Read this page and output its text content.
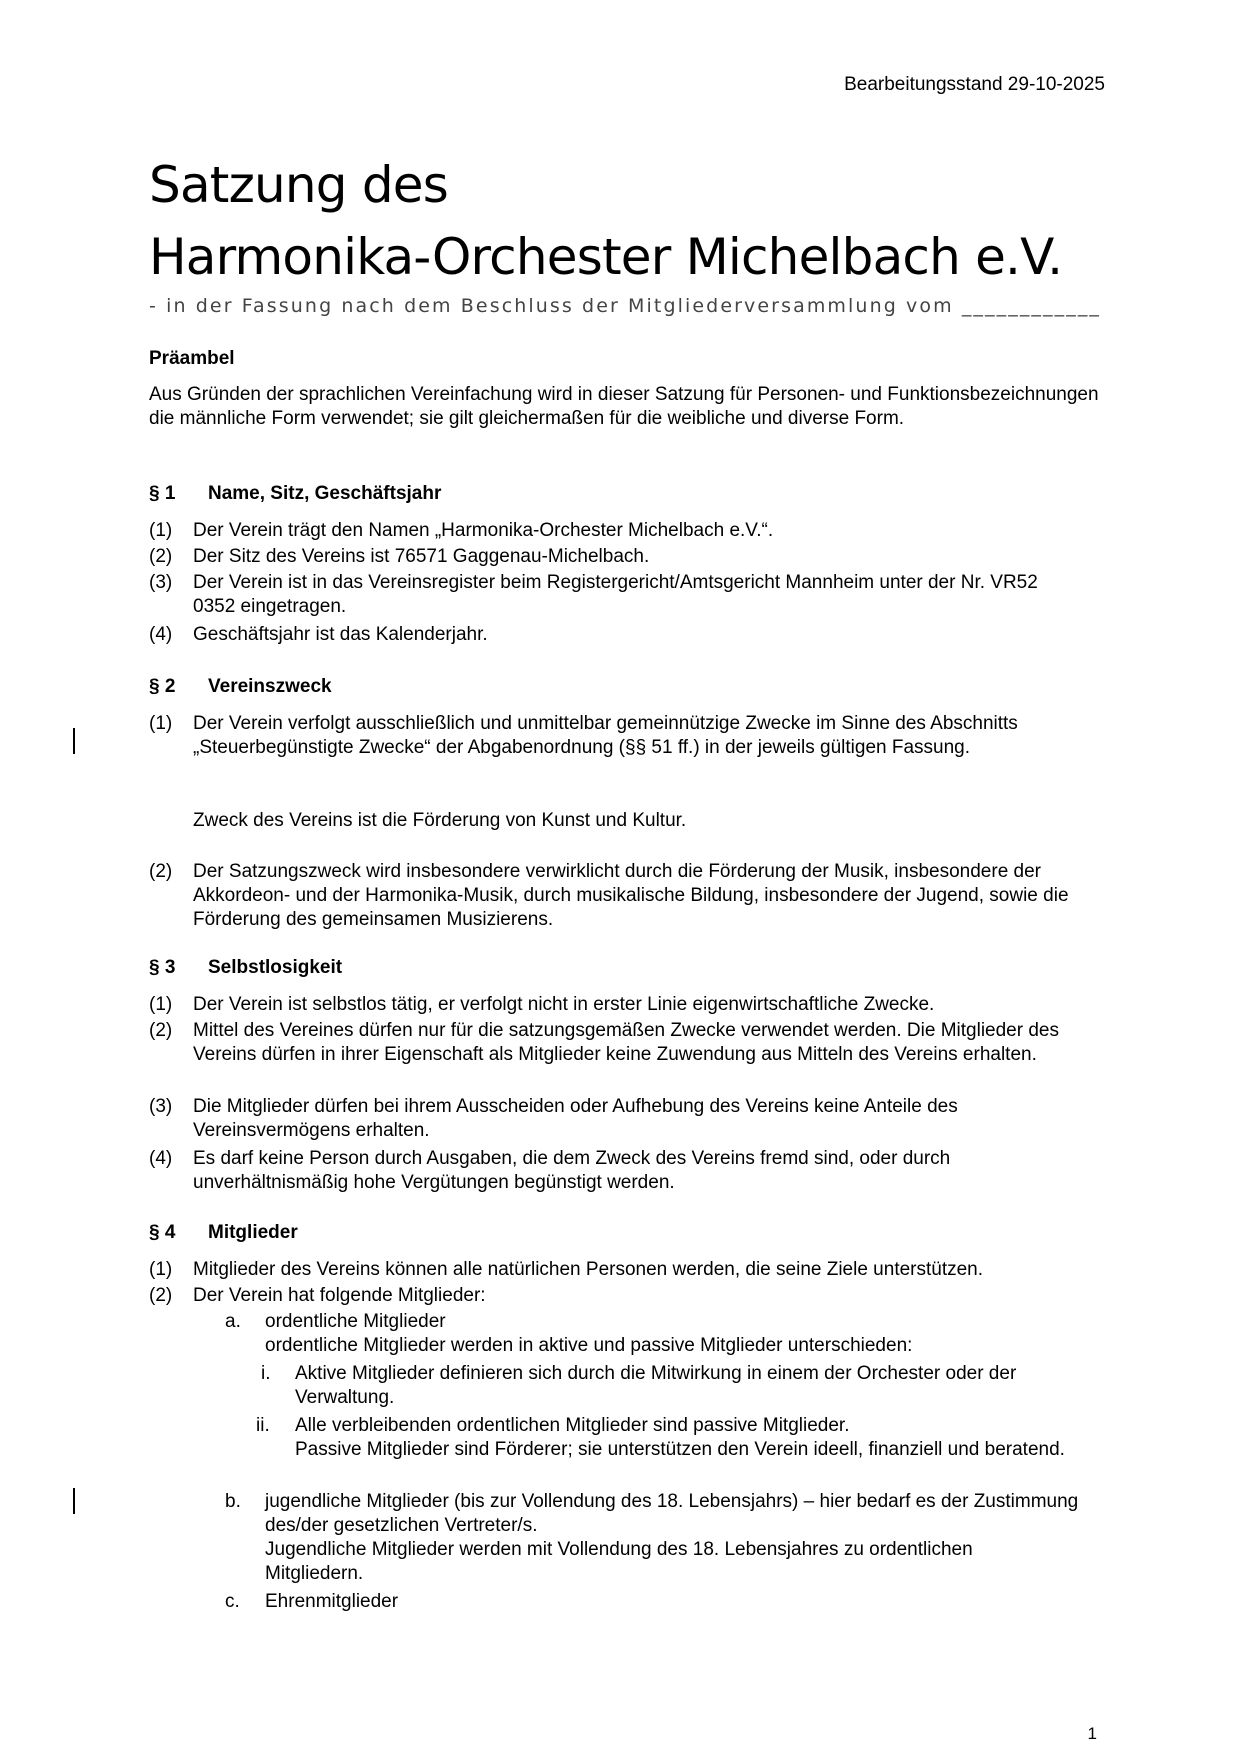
Bearbeitungsstand 29-10-2025
Satzung des
Harmonika-Orchester Michelbach e.V.
- in der Fassung nach dem Beschluss der Mitgliederversammlung vom ____________
Präambel
Aus Gründen der sprachlichen Vereinfachung wird in dieser Satzung für Personen- und Funktionsbezeichnungen die männliche Form verwendet; sie gilt gleichermaßen für die weibliche und diverse Form.
§ 1 Name, Sitz, Geschäftsjahr
(1) Der Verein trägt den Namen „Harmonika-Orchester Michelbach e.V.“.
(2) Der Sitz des Vereins ist 76571 Gaggenau-Michelbach.
(3) Der Verein ist in das Vereinsregister beim Registergericht/Amtsgericht Mannheim unter der Nr. VR52 0352 eingetragen.
(4) Geschäftsjahr ist das Kalenderjahr.
§ 2 Vereinszweck
(1) Der Verein verfolgt ausschließlich und unmittelbar gemeinnützige Zwecke im Sinne des Abschnitts „Steuerbegünstigte Zwecke“ der Abgabenordnung (§§ 51 ff.) in der jeweils gültigen Fassung.
Zweck des Vereins ist die Förderung von Kunst und Kultur.
(2) Der Satzungszweck wird insbesondere verwirklicht durch die Förderung der Musik, insbesondere der Akkordeon- und der Harmonika-Musik, durch musikalische Bildung, insbesondere der Jugend, sowie die Förderung des gemeinsamen Musizierens.
§ 3 Selbstlosigkeit
(1) Der Verein ist selbstlos tätig, er verfolgt nicht in erster Linie eigenwirtschaftliche Zwecke.
(2) Mittel des Vereines dürfen nur für die satzungsgemäßen Zwecke verwendet werden. Die Mitglieder des Vereins dürfen in ihrer Eigenschaft als Mitglieder keine Zuwendung aus Mitteln des Vereins erhalten.
(3) Die Mitglieder dürfen bei ihrem Ausscheiden oder Aufhebung des Vereins keine Anteile des Vereinsvermögens erhalten.
(4) Es darf keine Person durch Ausgaben, die dem Zweck des Vereins fremd sind, oder durch unverhältnismäßig hohe Vergütungen begünstigt werden.
§ 4 Mitglieder
(1) Mitglieder des Vereins können alle natürlichen Personen werden, die seine Ziele unterstützen.
(2) Der Verein hat folgende Mitglieder:
a. ordentliche Mitglieder
ordentliche Mitglieder werden in aktive und passive Mitglieder unterschieden:
i. Aktive Mitglieder definieren sich durch die Mitwirkung in einem der Orchester oder der Verwaltung.
ii. Alle verbleibenden ordentlichen Mitglieder sind passive Mitglieder.
Passive Mitglieder sind Förderer; sie unterstützen den Verein ideell, finanziell und beratend.
b. jugendliche Mitglieder (bis zur Vollendung des 18. Lebensjahrs) – hier bedarf es der Zustimmung des/der gesetzlichen Vertreter/s.
Jugendliche Mitglieder werden mit Vollendung des 18. Lebensjahres zu ordentlichen Mitgliedern.
c. Ehrenmitglieder
1
